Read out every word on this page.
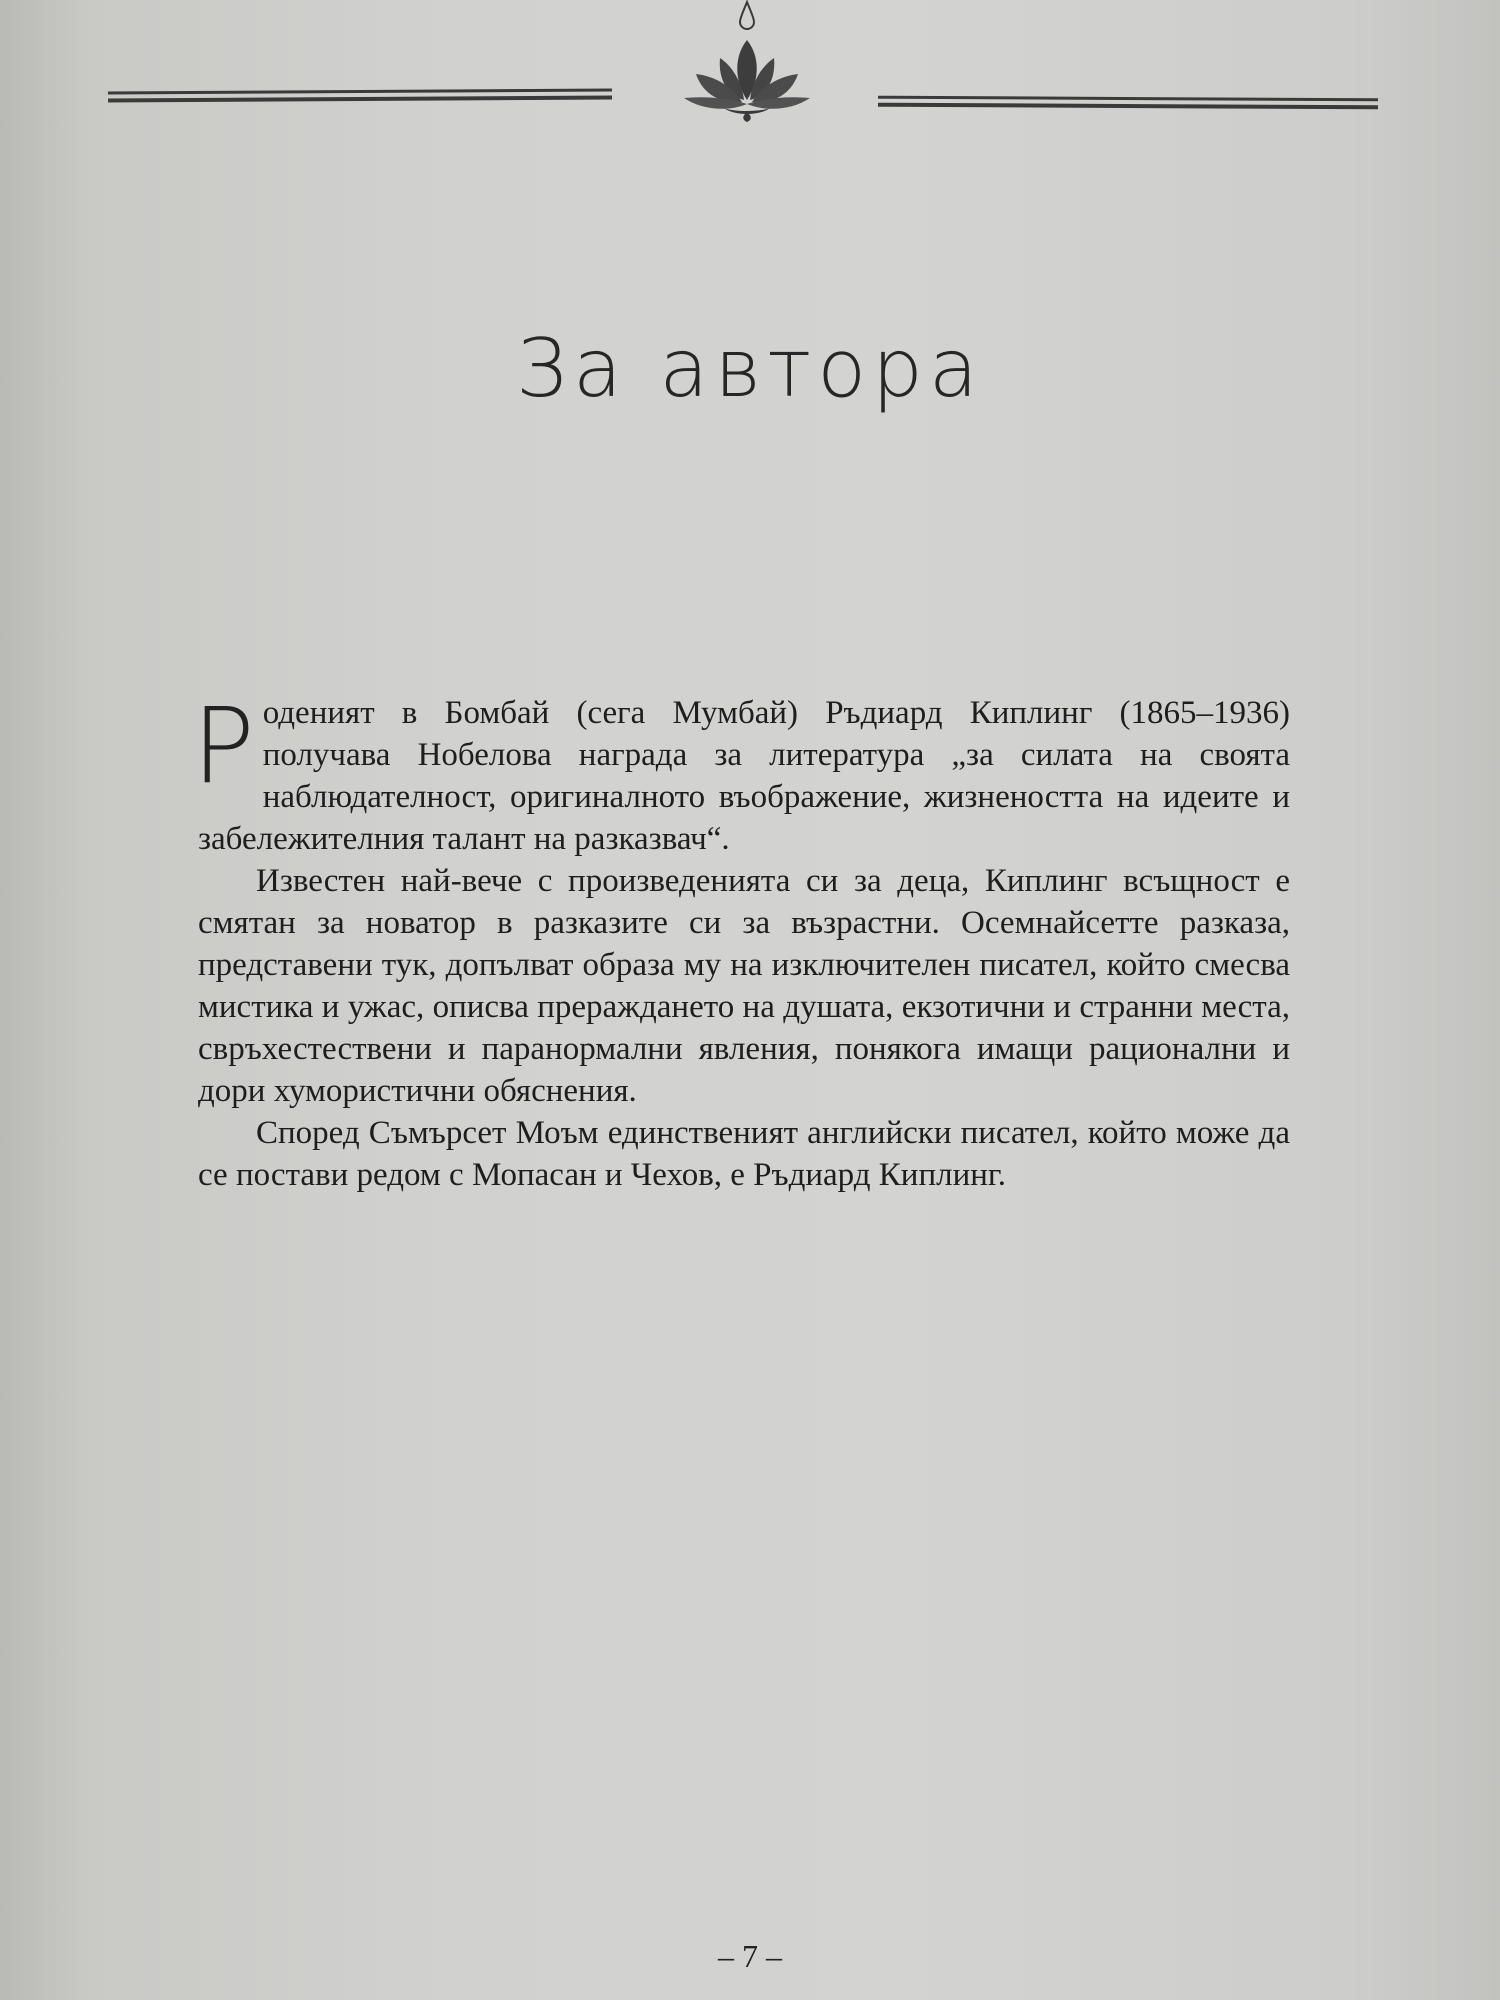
За автора

Родeният в Бомбай (сега Мумбай) Ръдиард Киплинг (1865–1936) получава Нобелова награда за литература „за силата на своята наблюдателност, оригиналното въображение, жизнеността на идеите и забележителния талант на разказвач“.

Известен най-вече с произведенията си за деца, Киплинг всъщност е смятан за новатор в разказите си за възрастни. Осемнайсетте разказа, представени тук, допълват образа му на изключителен писател, който смесва мистика и ужас, описва прераждането на душата, екзотични и странни места, свръхестествени и паранормални явления, понякога имащи рационални и дори хумористични обяснения.

Според Съмърсет Моъм единственият английски писател, който може да се постави редом с Мопасан и Чехов, е Ръдиард Киплинг.

– 7 –
